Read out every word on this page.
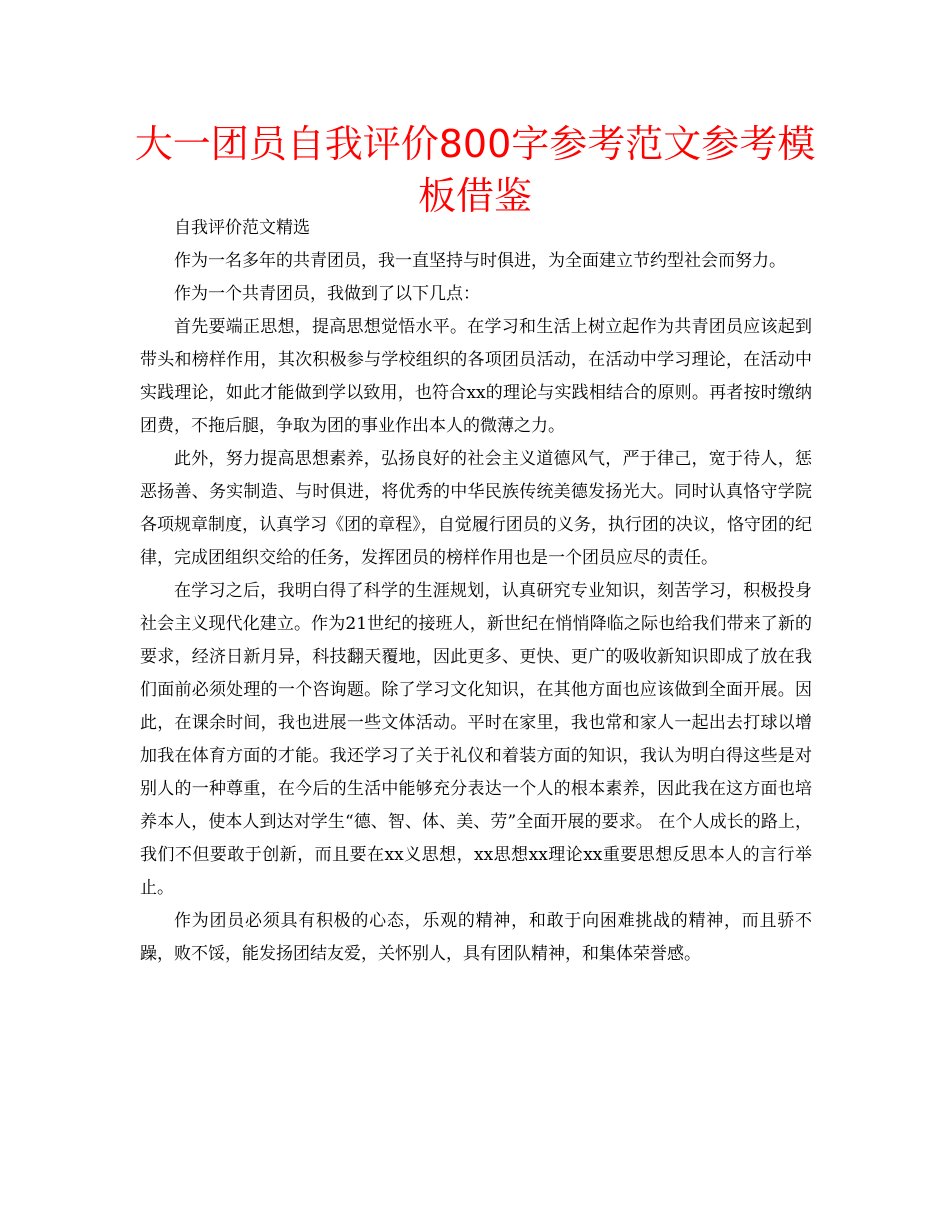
大一团员自我评价800字参考范文参考模板借鉴

自我评价范文精选

作为一名多年的共青团员，我一直坚持与时俱进，为全面建立节约型社会而努力。

作为一个共青团员，我做到了以下几点：

首先要端正思想，提高思想觉悟水平。在学习和生活上树立起作为共青团员应该起到带头和榜样作用，其次积极参与学校组织的各项团员活动，在活动中学习理论，在活动中实践理论，如此才能做到学以致用，也符合xx的理论与实践相结合的原则。再者按时缴纳团费，不拖后腿，争取为团的事业作出本人的微薄之力。

此外，努力提高思想素养，弘扬良好的社会主义道德风气，严于律己，宽于待人，惩恶扬善、务实制造、与时俱进，将优秀的中华民族传统美德发扬光大。同时认真恪守学院各项规章制度，认真学习《团的章程》，自觉履行团员的义务，执行团的决议，恪守团的纪律，完成团组织交给的任务，发挥团员的榜样作用也是一个团员应尽的责任。

在学习之后，我明白得了科学的生涯规划，认真研究专业知识，刻苦学习，积极投身社会主义现代化建立。作为21世纪的接班人，新世纪在悄悄降临之际也给我们带来了新的要求，经济日新月异，科技翻天覆地，因此更多、更快、更广的吸收新知识即成了放在我们面前必须处理的一个咨询题。除了学习文化知识，在其他方面也应该做到全面开展。因此，在课余时间，我也进展一些文体活动。平时在家里，我也常和家人一起出去打球以增加我在体育方面的才能。我还学习了关于礼仪和着装方面的知识，我认为明白得这些是对别人的一种尊重，在今后的生活中能够充分表达一个人的根本素养，因此我在这方面也培养本人，使本人到达对学生“德、智、体、美、劳”全面开展的要求。 在个人成长的路上，我们不但要敢于创新，而且要在xx义思想，xx思想xx理论xx重要思想反思本人的言行举止。

作为团员必须具有积极的心态，乐观的精神，和敢于向困难挑战的精神，而且骄不躁，败不馁，能发扬团结友爱，关怀别人，具有团队精神，和集体荣誉感。
